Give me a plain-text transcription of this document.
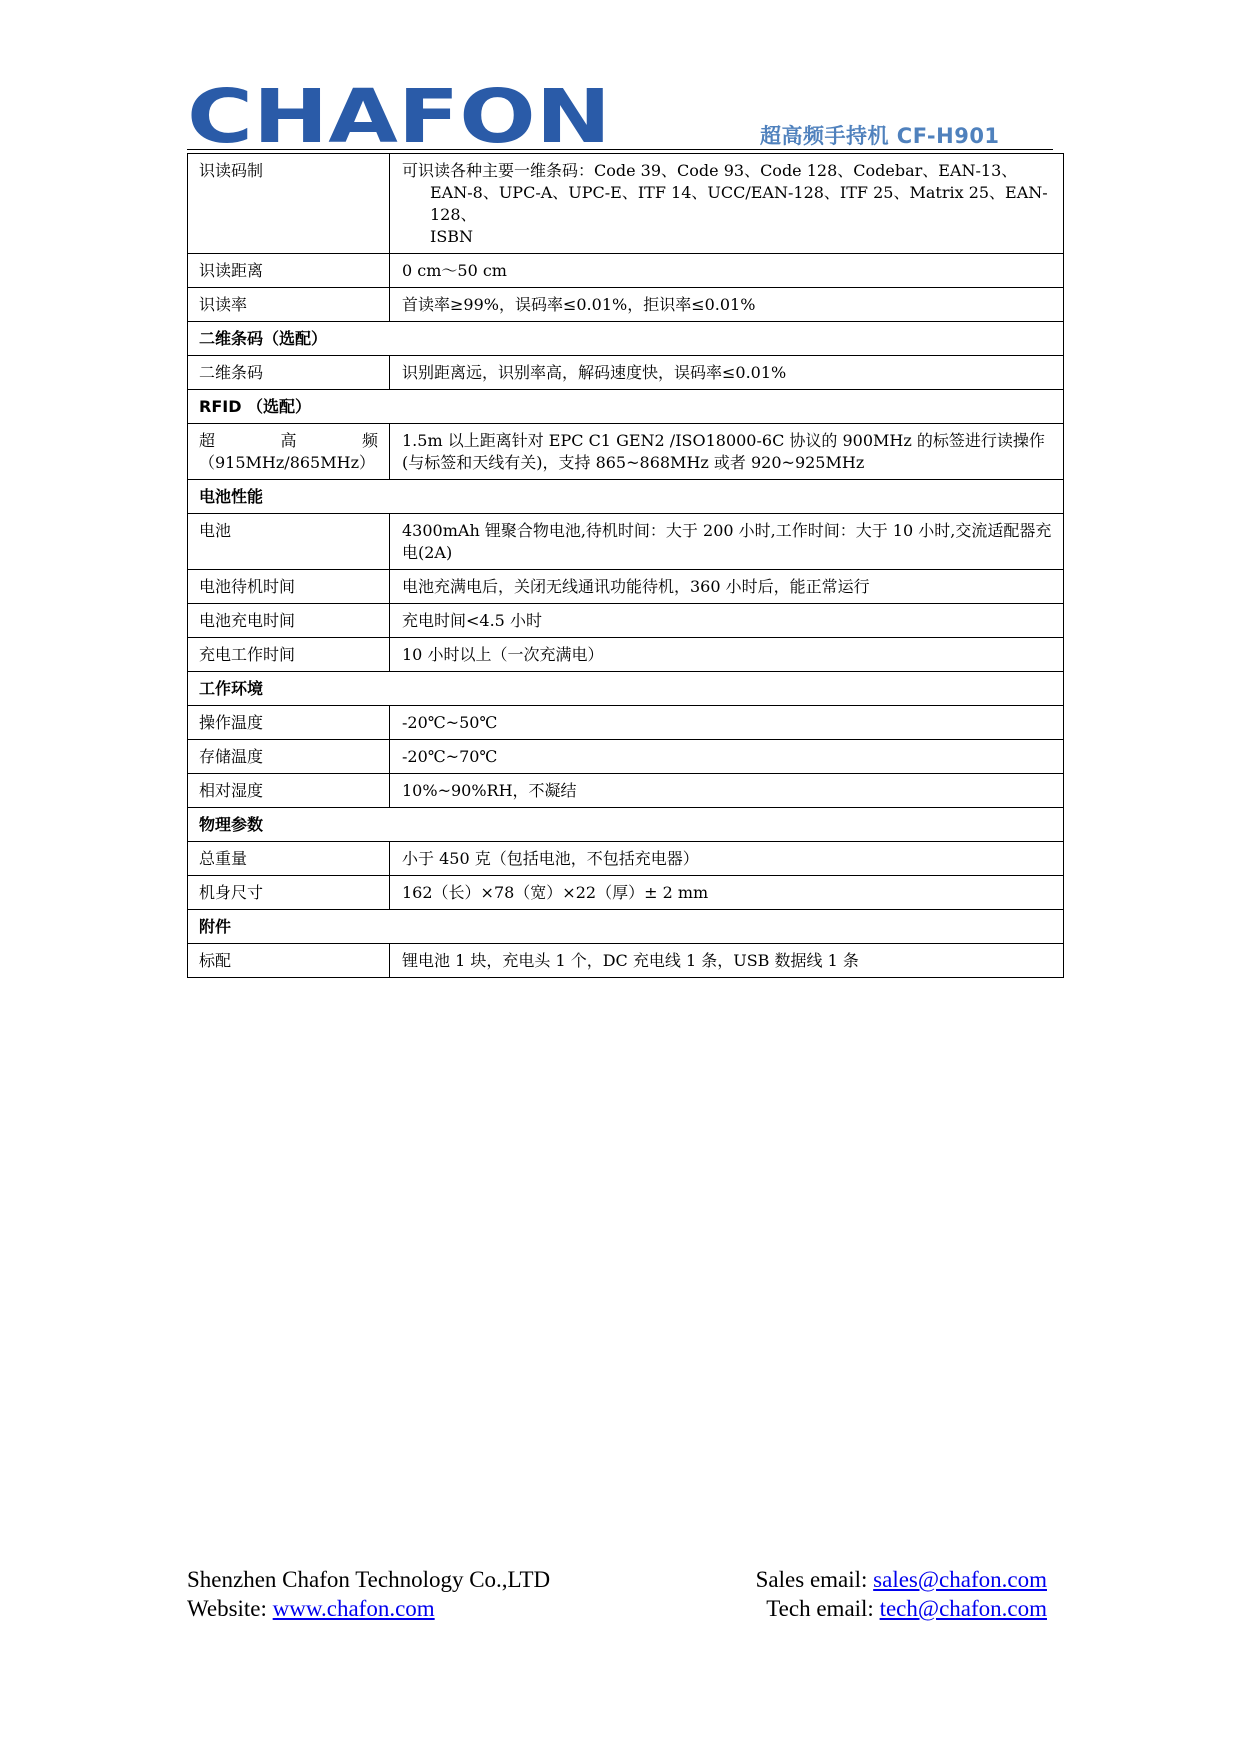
CHAFON	超高频手持机 CF-H901
识读码制	可识读各种主要一维条码：Code 39、Code 93、Code 128、Codebar、EAN-13、
EAN-8、UPC-A、UPC-E、ITF 14、UCC/EAN-128、ITF 25、Matrix 25、EAN-128、
ISBN

识读距离	0 cm～50 cm
识读率	首读率≥99%，误码率≤0.01%，拒识率≤0.01%
二维条码（选配）	
二维条码	识别距离远，识别率高，解码速度快，误码率≤0.01%
RFID （选配）	

超 高 频
（915MHz/865MHz）	1.5m 以上距离针对 EPC C1 GEN2 /ISO18000-6C 协议的 900MHz 的标签进行读操作(与标签和天线有关)，支持 865~868MHz 或者 920~925MHz
电池性能	
电池	4300mAh 锂聚合物电池,待机时间：大于 200 小时,工作时间：大于 10 小时,交流适配器充电(2A)
电池待机时间	电池充满电后，关闭无线通讯功能待机，360 小时后，能正常运行
电池充电时间	充电时间<4.5 小时
充电工作时间	10 小时以上（一次充满电）
工作环境	
操作温度	-20℃~50℃
存储温度	-20℃~70℃
相对湿度	10%~90%RH，不凝结
物理参数	
总重量	小于 450 克（包括电池，不包括充电器）
机身尺寸	162（长）×78（宽）×22（厚）± 2 mm
附件	
标配	锂电池 1 块，充电头 1 个，DC 充电线 1 条，USB 数据线 1 条
Shenzhen Chafon Technology Co.,LTD	Sales email: sales@chafon.com
Website: www.chafon.com	Tech email: tech@chafon.com
